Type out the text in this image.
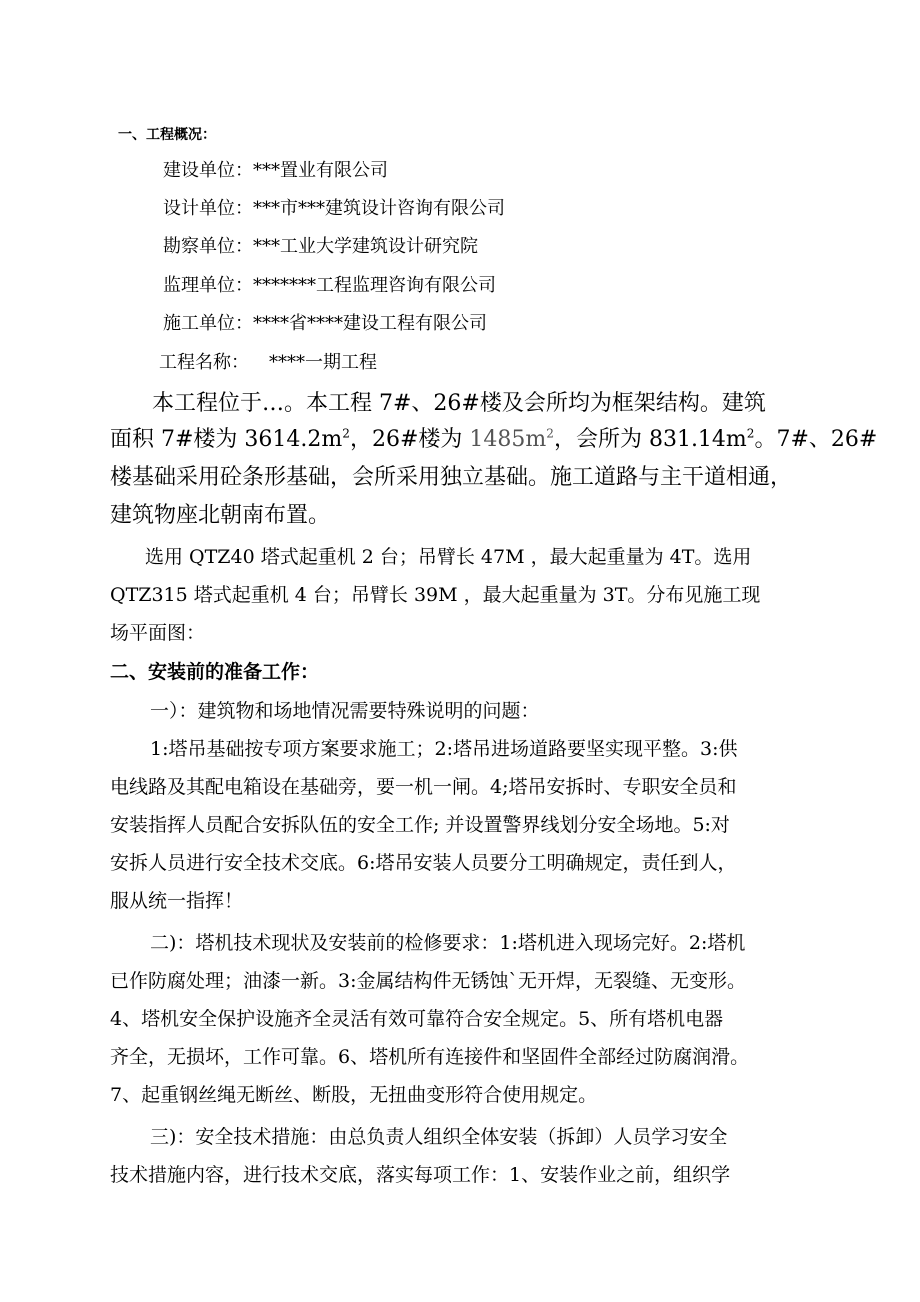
一、工程概况：
建设单位：***置业有限公司
设计单位：***市***建筑设计咨询有限公司
勘察单位：***工业大学建筑设计研究院
监理单位：*******工程监理咨询有限公司
施工单位：****省****建设工程有限公司
工程名称： ****一期工程
本工程位于…。本工程 7#、26#楼及会所均为框架结构。建筑
面积 7#楼为 $3614.2m^2$，26#楼为 $1485m^2$，会所为 $831.14m^2$。7#、26#
楼基础采用砼条形基础，会所采用独立基础。施工道路与主干道相通，
建筑物座北朝南布置。
选用 QTZ40 塔式起重机 2 台；吊臂长 47M ，最大起重量为 4T。选用
QTZ315 塔式起重机 4 台；吊臂长 39M ，最大起重量为 3T。分布见施工现
场平面图：
二、安装前的准备工作：
一）：建筑物和场地情况需要特殊说明的问题：
1:塔吊基础按专项方案要求施工；2:塔吊进场道路要坚实现平整。3:供
电线路及其配电箱设在基础旁，要一机一闸。4;塔吊安拆时、专职安全员和
安装指挥人员配合安拆队伍的安全工作; 并设置警界线划分安全场地。5:对
安拆人员进行安全技术交底。6:塔吊安装人员要分工明确规定，责任到人，
服从统一指挥！
二)：塔机技术现状及安装前的检修要求：1:塔机进入现场完好。2:塔机
已作防腐处理；油漆一新。3:金属结构件无锈蚀`无开焊，无裂缝、无变形。
4、塔机安全保护设施齐全灵活有效可靠符合安全规定。5、所有塔机电器
齐全，无损坏，工作可靠。6、塔机所有连接件和坚固件全部经过防腐润滑。
7、起重钢丝绳无断丝、断股，无扭曲变形符合使用规定。
三)：安全技术措施：由总负责人组织全体安装（拆卸）人员学习安全
技术措施内容，进行技术交底，落实每项工作：1、安装作业之前，组织学
